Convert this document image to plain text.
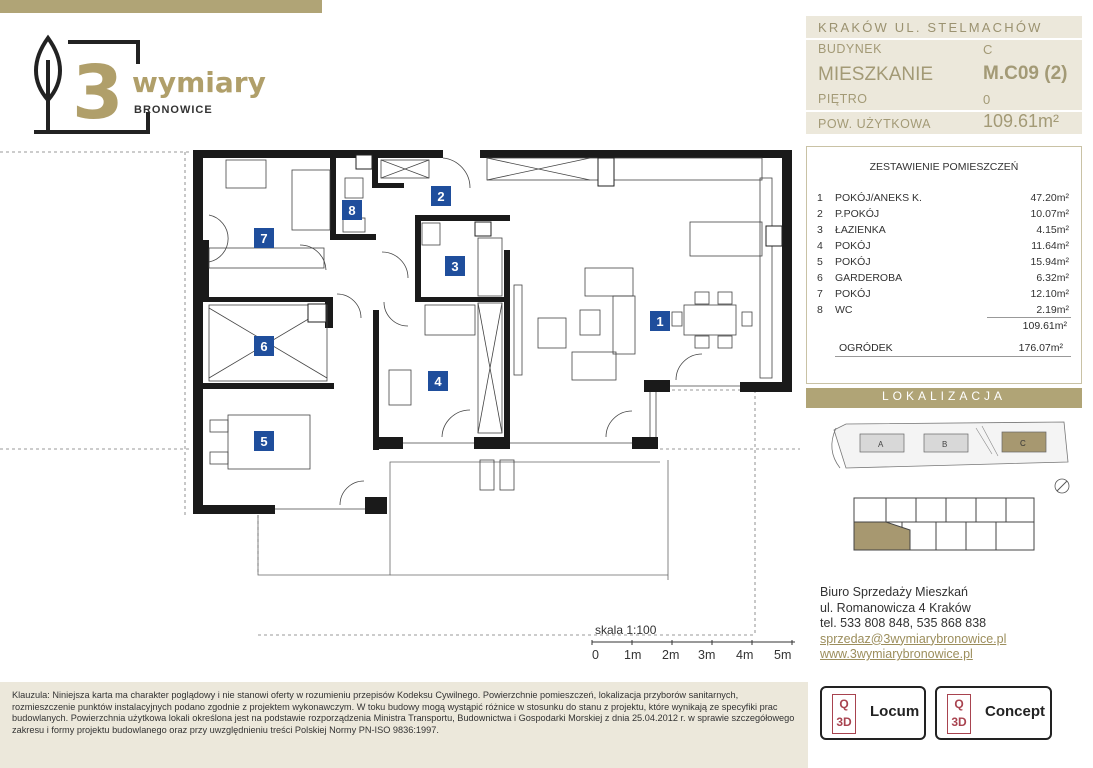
3 wymiary
BRONOWICE
KRAKÓW UL. STELMACHÓW
BUDYNEK	C
MIESZKANIE	M.C09 (2)
PIĘTRO	0
POW. UŻYTKOWA	109.61m²
ZESTAWIENIE POMIESZCZEŃ
1 POKÓJ/ANEKS K.	47.20m²
2 P.POKÓJ	10.07m²
3 ŁAZIENKA	4.15m²
4 POKÓJ	11.64m²
5 POKÓJ	15.94m²
6 GARDEROBA	6.32m²
7 POKÓJ	12.10m²
8 WC	2.19m²
109.61m²
OGRÓDEK	176.07m²
LOKALIZACJA
A	B	C
1
2
3
4
5
6
7
8
skala 1:100
0 1m 2m 3m 4m 5m
Biuro Sprzedaży Mieszkań
ul. Romanowicza 4 Kraków
tel. 533 808 848, 535 868 838
sprzedaz@3wymiarybronowice.pl
www.3wymiarybronowice.pl
Klauzula: Niniejsza karta ma charakter poglądowy i nie stanowi oferty w rozumieniu przepisów Kodeksu Cywilnego. Powierzchnie pomieszczeń, lokalizacja przyborów sanitarnych, rozmieszczenie punktów instalacyjnych podano zgodnie z projektem wykonawczym. W toku budowy mogą wystąpić różnice w stosunku do stanu z projektu, które wynikają ze specyfiki prac budowlanych. Powierzchnia użytkowa lokali określona jest na podstawie rozporządzenia Ministra Transportu, Budownictwa i Gospodarki Morskiej z dnia 25.04.2012 r. w sprawie szczegółowego zakresu i formy projektu budowlanego oraz przy uwzględnieniu treści Polskiej Normy PN-ISO 9836:1997.
Q
3D
Locum	Q
3D
Concept
